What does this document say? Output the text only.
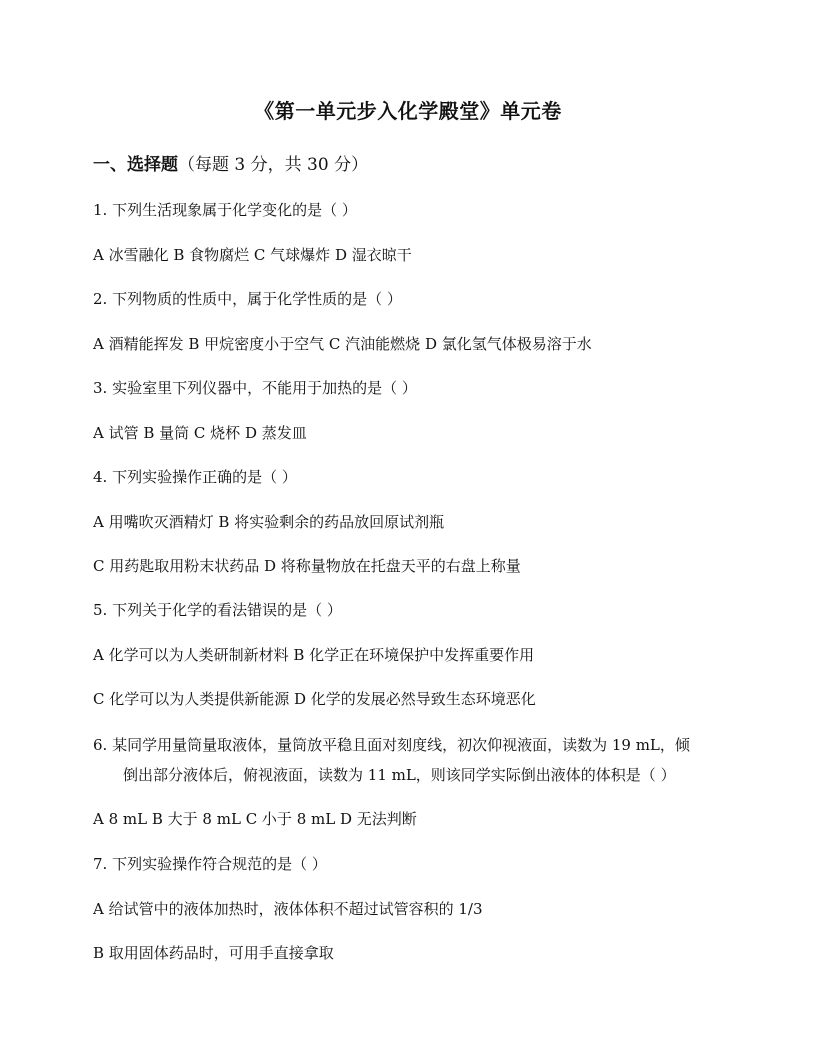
《第一单元步入化学殿堂》单元卷
一、选择题（每题 3 分，共 30 分）
1. 下列生活现象属于化学变化的是（ ）
A 冰雪融化 B 食物腐烂 C 气球爆炸 D 湿衣晾干
2. 下列物质的性质中，属于化学性质的是（ ）
A 酒精能挥发 B 甲烷密度小于空气 C 汽油能燃烧 D 氯化氢气体极易溶于水
3. 实验室里下列仪器中，不能用于加热的是（ ）
A 试管 B 量筒 C 烧杯 D 蒸发皿
4. 下列实验操作正确的是（ ）
A 用嘴吹灭酒精灯 B 将实验剩余的药品放回原试剂瓶
C 用药匙取用粉末状药品 D 将称量物放在托盘天平的右盘上称量
5. 下列关于化学的看法错误的是（ ）
A 化学可以为人类研制新材料 B 化学正在环境保护中发挥重要作用
C 化学可以为人类提供新能源 D 化学的发展必然导致生态环境恶化
6. 某同学用量筒量取液体，量筒放平稳且面对刻度线，初次仰视液面，读数为 19 mL，倾
倒出部分液体后，俯视液面，读数为 11 mL，则该同学实际倒出液体的体积是（ ）
A 8 mL B 大于 8 mL C 小于 8 mL D 无法判断
7. 下列实验操作符合规范的是（ ）
A 给试管中的液体加热时，液体体积不超过试管容积的 1/3
B 取用固体药品时，可用手直接拿取
